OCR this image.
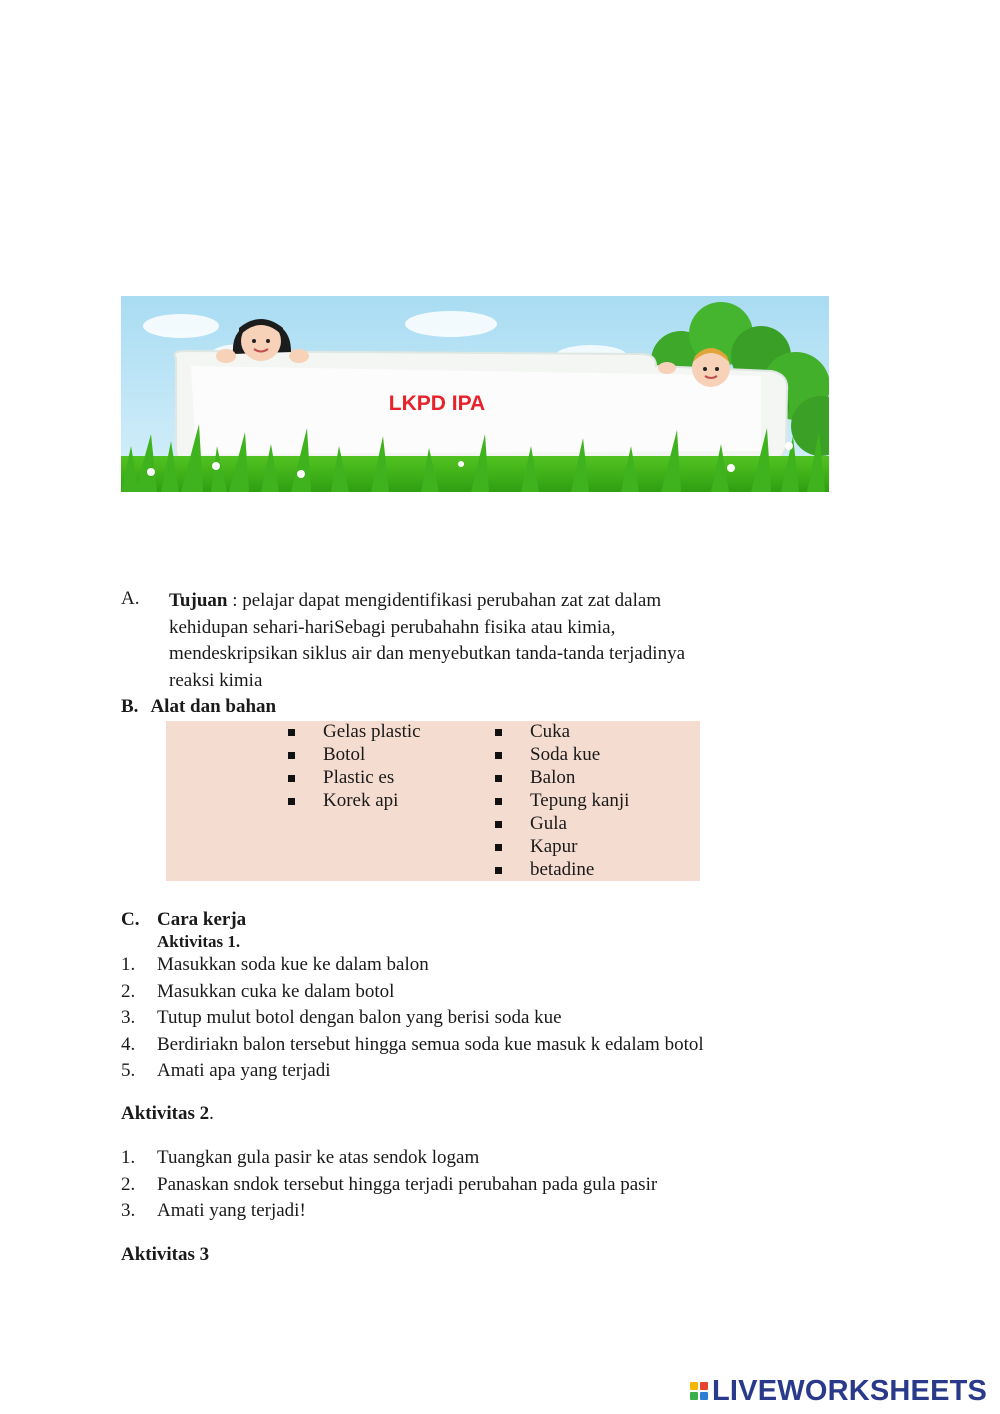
LKPD IPA
A. Tujuan : pelajar dapat mengidentifikasi perubahan zat zat dalam
kehidupan sehari-hariSebagi perubahahn fisika atau kimia,
mendeskripsikan siklus air dan menyebutkan tanda-tanda terjadinya
reaksi kimia
B. Alat dan bahan
Gelas plastic
Botol
Plastic es
Korek api
Cuka
Soda kue
Balon
Tepung kanji
Gula
Kapur
betadine
C. Cara kerja
Aktivitas 1.
1. Masukkan soda kue ke dalam balon
2. Masukkan cuka ke dalam botol
3. Tutup mulut botol dengan balon yang berisi soda kue
4. Berdiriakn balon tersebut hingga semua soda kue masuk k edalam botol
5. Amati apa yang terjadi
Aktivitas 2.
1. Tuangkan gula pasir ke atas sendok logam
2. Panaskan sndok tersebut hingga terjadi perubahan pada gula pasir
3. Amati yang terjadi!
Aktivitas 3
LIVEWORKSHEETS
